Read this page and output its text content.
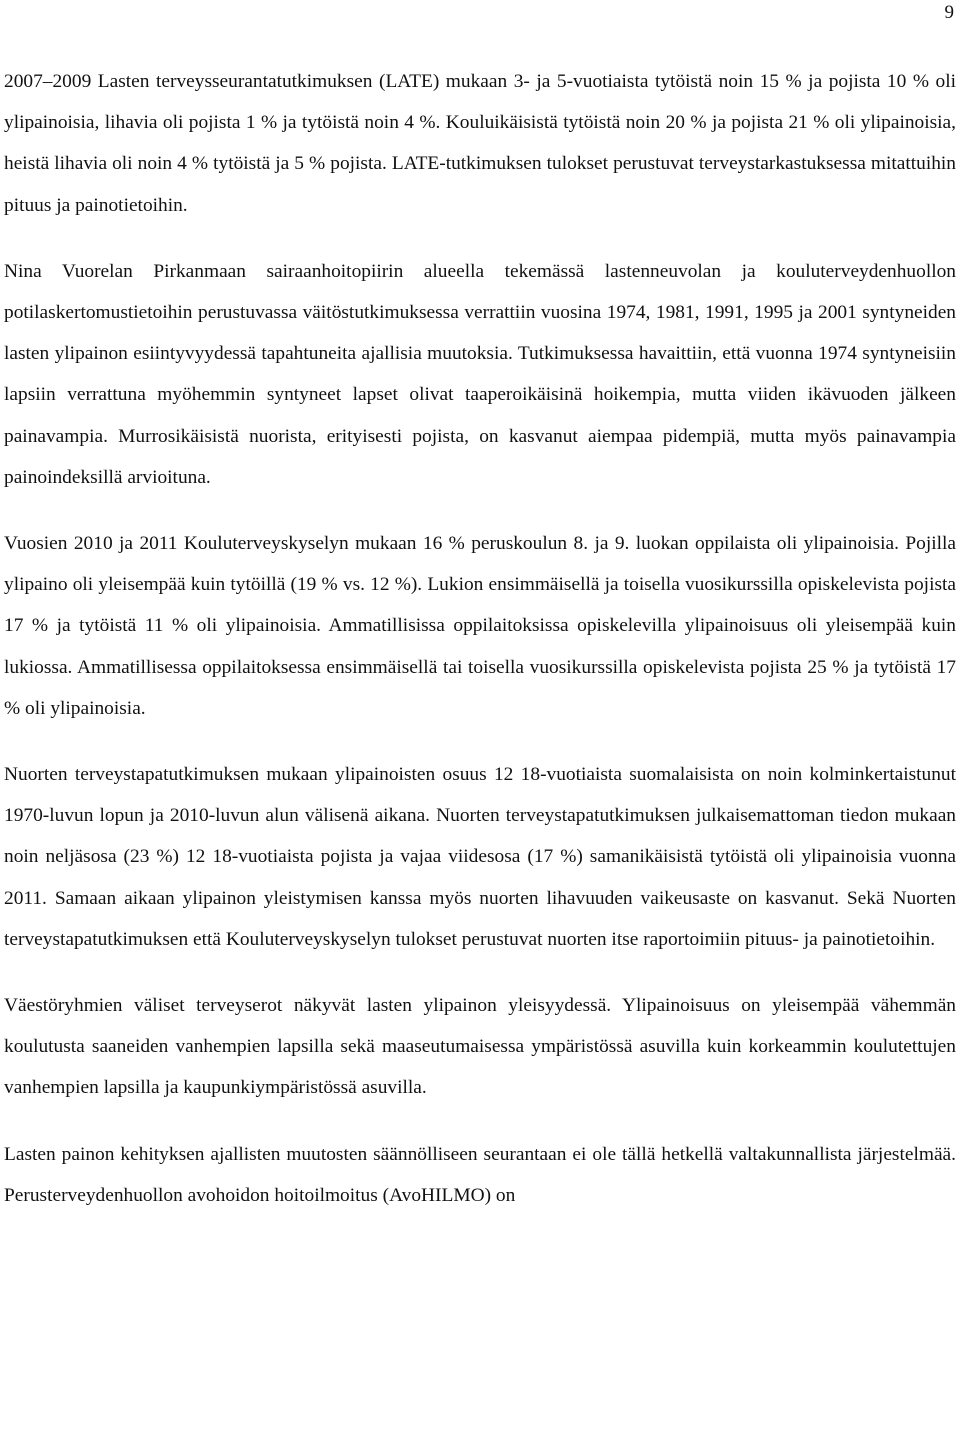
9

2007–2009 Lasten terveysseurantatutkimuksen (LATE) mukaan 3- ja 5-vuotiaista tytöistä noin 15 % ja pojista 10 % oli ylipainoisia, lihavia oli pojista 1 % ja tytöistä noin 4 %. Kouluikäisistä tytöistä noin 20 % ja pojista 21 % oli ylipainoisia, heistä lihavia oli noin 4 % tytöistä ja 5 % pojista. LATE-tutkimuksen tulokset perustuvat terveystarkastuksessa mitattuihin pituus ja painotietoihin.

Nina Vuorelan Pirkanmaan sairaanhoitopiirin alueella tekemässä lastenneuvolan ja kouluterveydenhuollon potilaskertomustietoihin perustuvassa väitöstutkimuksessa verrattiin vuosina 1974, 1981, 1991, 1995 ja 2001 syntyneiden lasten ylipainon esiintyvyydessä tapahtuneita ajallisia muutoksia. Tutkimuksessa havaittiin, että vuonna 1974 syntyneisiin lapsiin verrattuna myöhemmin syntyneet lapset olivat taaperoikäisinä hoikempia, mutta viiden ikävuoden jälkeen painavampia. Murrosikäisistä nuorista, erityisesti pojista, on kasvanut aiempaa pidempiä, mutta myös painavampia painoindeksillä arvioituna.

Vuosien 2010 ja 2011 Kouluterveyskyselyn mukaan 16 % peruskoulun 8. ja 9. luokan oppilaista oli ylipainoisia. Pojilla ylipaino oli yleisempää kuin tytöillä (19 % vs. 12 %). Lukion ensimmäisellä ja toisella vuosikurssilla opiskelevista pojista 17 % ja tytöistä 11 % oli ylipainoisia. Ammatillisissa oppilaitoksissa opiskelevilla ylipainoisuus oli yleisempää kuin lukiossa. Ammatillisessa oppilaitoksessa ensimmäisellä tai toisella vuosikurssilla opiskelevista pojista 25 % ja tytöistä 17 % oli ylipainoisia.

Nuorten terveystapatutkimuksen mukaan ylipainoisten osuus 12 18-vuotiaista suomalaisista on noin kolminkertaistunut 1970-luvun lopun ja 2010-luvun alun välisenä aikana. Nuorten terveystapatutkimuksen julkaisemattoman tiedon mukaan noin neljäsosa (23 %) 12 18-vuotiaista pojista ja vajaa viidesosa (17 %) samanikäisistä tytöistä oli ylipainoisia vuonna 2011. Samaan aikaan ylipainon yleistymisen kanssa myös nuorten lihavuuden vaikeusaste on kasvanut. Sekä Nuorten terveystapatutkimuksen että Kouluterveyskyselyn tulokset perustuvat nuorten itse raportoimiin pituus- ja painotietoihin.

Väestöryhmien väliset terveyserot näkyvät lasten ylipainon yleisyydessä. Ylipainoisuus on yleisempää vähemmän koulutusta saaneiden vanhempien lapsilla sekä maaseutumaisessa ympäristössä asuvilla kuin korkeammin koulutettujen vanhempien lapsilla ja kaupunkiympäristössä asuvilla.

Lasten painon kehityksen ajallisten muutosten säännölliseen seurantaan ei ole tällä hetkellä valtakunnallista järjestelmää. Perusterveydenhuollon avohoidon hoitoilmoitus (AvoHILMO) on
